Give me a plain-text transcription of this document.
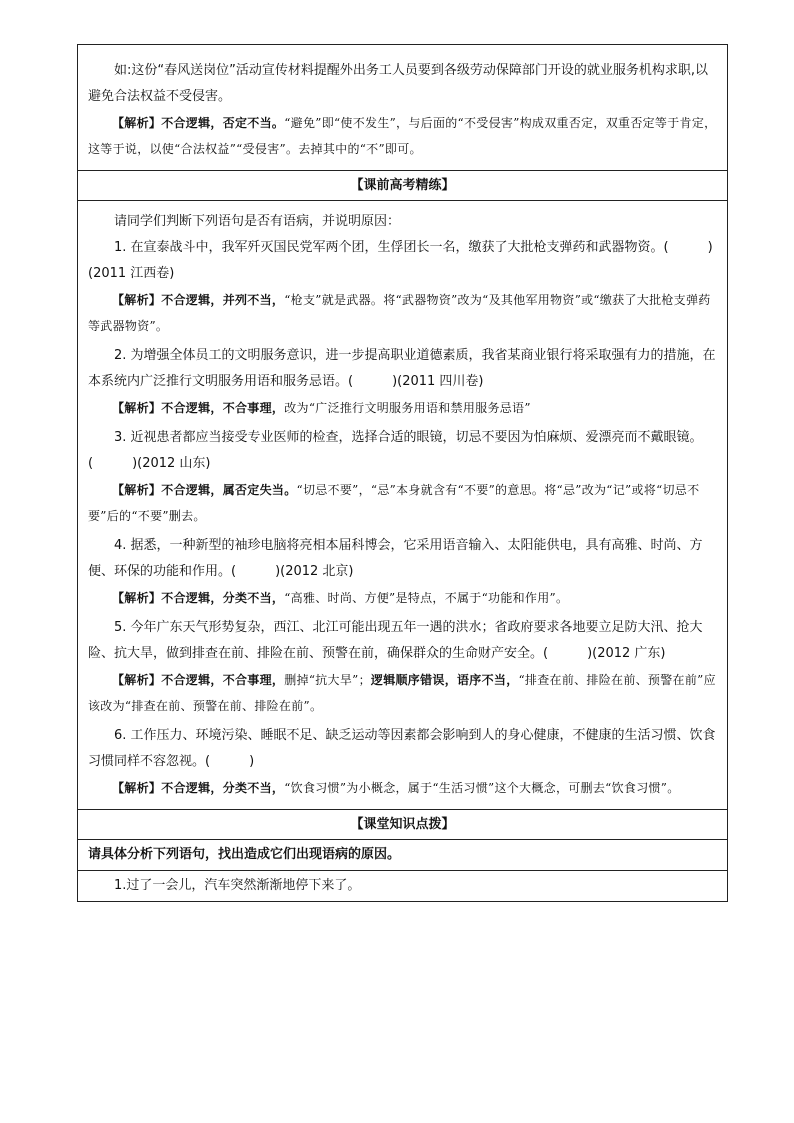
如:这份“春风送岗位”活动宣传材料提醒外出务工人员要到各级劳动保障部门开设的就业服务机构求职,以避免合法权益不受侵害。

【解析】不合逻辑，否定不当。“避免”即“使不发生”，与后面的“不受侵害”构成双重否定，双重否定等于肯定，这等于说，以使“合法权益”“受侵害”。去掉其中的“不”即可。

【课前高考精练】

请同学们判断下列语句是否有语病，并说明原因：

1. 在宣泰战斗中，我军歼灭国民党军两个团，生俘团长一名，缴获了大批枪支弹药和武器物资。(　　　)(2011 江西卷)

【解析】不合逻辑，并列不当，“枪支”就是武器。将“武器物资”改为“及其他军用物资”或“缴获了大批枪支弹药等武器物资”。

2. 为增强全体员工的文明服务意识，进一步提高职业道德素质，我省某商业银行将采取强有力的措施，在本系统内广泛推行文明服务用语和服务忌语。(　　　)(2011 四川卷)

【解析】不合逻辑，不合事理，改为“广泛推行文明服务用语和禁用服务忌语”

3. 近视患者都应当接受专业医师的检查，选择合适的眼镜，切忌不要因为怕麻烦、爱漂亮而不戴眼镜。(　　　)(2012 山东)

【解析】不合逻辑，属否定失当。“切忌不要”，“忌”本身就含有“不要”的意思。将“忌”改为“记”或将“切忌不要”后的“不要”删去。

4. 据悉，一种新型的袖珍电脑将亮相本届科博会，它采用语音输入、太阳能供电，具有高雅、时尚、方便、环保的功能和作用。(　　　)(2012 北京)

【解析】不合逻辑，分类不当，“高雅、时尚、方便”是特点，不属于“功能和作用”。

5. 今年广东天气形势复杂，西江、北江可能出现五年一遇的洪水；省政府要求各地要立足防大汛、抢大险、抗大旱，做到排查在前、排险在前、预警在前，确保群众的生命财产安全。(　　　)(2012 广东)

【解析】不合逻辑，不合事理，删掉“抗大旱”；逻辑顺序错误，语序不当，“排查在前、排险在前、预警在前”应该改为“排查在前、预警在前、排险在前”。

6. 工作压力、环境污染、睡眠不足、缺乏运动等因素都会影响到人的身心健康，不健康的生活习惯、饮食习惯同样不容忽视。(　　　)

【解析】不合逻辑，分类不当，“饮食习惯”为小概念，属于“生活习惯”这个大概念，可删去“饮食习惯”。

【课堂知识点拨】

请具体分析下列语句，找出造成它们出现语病的原因。

1.过了一会儿，汽车突然渐渐地停下来了。
